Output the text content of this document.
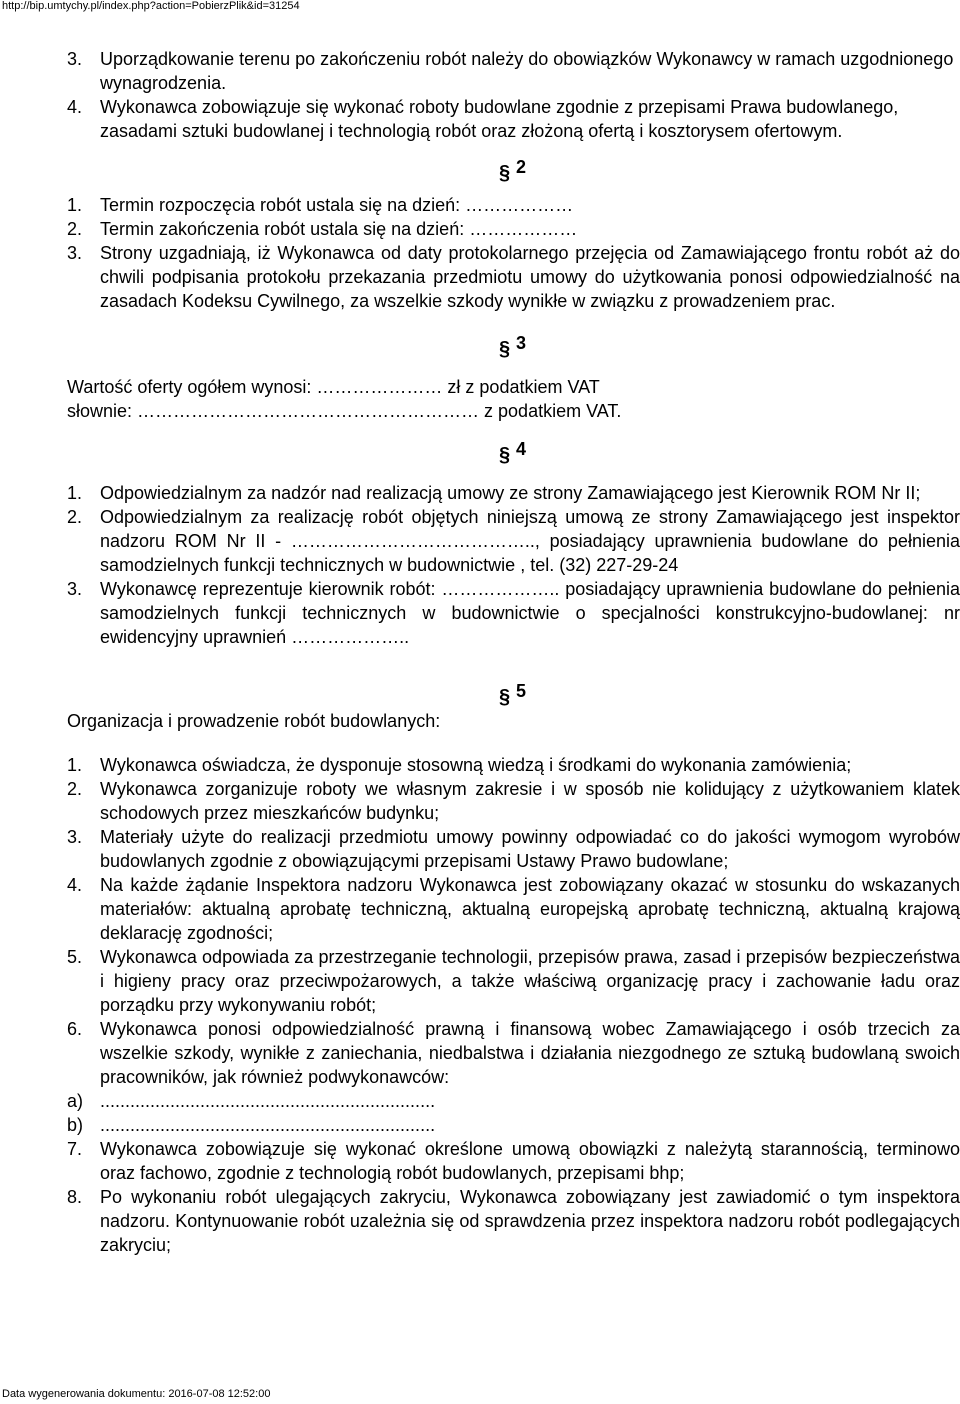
http://bip.umtychy.pl/index.php?action=PobierzPlik&id=31254
3. Uporządkowanie terenu po zakończeniu robót należy do obowiązków Wykonawcy w ramach uzgodnionego wynagrodzenia.
4. Wykonawca zobowiązuje się wykonać roboty budowlane zgodnie z przepisami Prawa budowlanego, zasadami sztuki budowlanej i technologią robót oraz złożoną ofertą i kosztorysem ofertowym.
§ 2
1. Termin rozpoczęcia robót ustala się na dzień: ………………
2. Termin zakończenia robót ustala się na dzień: ………………
3. Strony uzgadniają, iż Wykonawca od daty protokolarnego przejęcia od Zamawiającego frontu robót aż do chwili podpisania protokołu przekazania przedmiotu umowy do użytkowania ponosi odpowiedzialność na zasadach Kodeksu Cywilnego, za wszelkie szkody wynikłe w związku z prowadzeniem prac.
§ 3
Wartość oferty ogółem wynosi: ………………… zł z podatkiem VAT
słownie: ………………………………………………… z podatkiem VAT.
§ 4
1. Odpowiedzialnym za nadzór nad realizacją umowy ze strony Zamawiającego jest Kierownik ROM Nr II;
2. Odpowiedzialnym za realizację robót objętych niniejszą umową ze strony Zamawiającego jest inspektor nadzoru ROM Nr II - ………………………………….., posiadający uprawnienia budowlane do pełnienia samodzielnych funkcji technicznych w budownictwie , tel. (32) 227-29-24
3. Wykonawcę reprezentuje kierownik robót: ……………….. posiadający uprawnienia budowlane do pełnienia samodzielnych funkcji technicznych w budownictwie o specjalności konstrukcyjno-budowlanej: nr ewidencyjny uprawnień ………………..
§ 5
Organizacja i prowadzenie robót budowlanych:
1. Wykonawca oświadcza, że dysponuje stosowną wiedzą i środkami do wykonania zamówienia;
2. Wykonawca zorganizuje roboty we własnym zakresie i w sposób nie kolidujący z użytkowaniem klatek schodowych przez mieszkańców budynku;
3. Materiały użyte do realizacji przedmiotu umowy powinny odpowiadać co do jakości wymogom wyrobów budowlanych zgodnie z obowiązującymi przepisami Ustawy Prawo budowlane;
4. Na każde żądanie Inspektora nadzoru Wykonawca jest zobowiązany okazać w stosunku do wskazanych materiałów: aktualną aprobatę techniczną, aktualną europejską aprobatę techniczną, aktualną krajową deklarację zgodności;
5. Wykonawca odpowiada za przestrzeganie technologii, przepisów prawa, zasad i przepisów bezpieczeństwa i higieny pracy oraz przeciwpożarowych, a także właściwą organizację pracy i zachowanie ładu oraz porządku przy wykonywaniu robót;
6. Wykonawca ponosi odpowiedzialność prawną i finansową wobec Zamawiającego i osób trzecich za wszelkie szkody, wynikłe z zaniechania, niedbalstwa i działania niezgodnego ze sztuką budowlaną swoich pracowników, jak również podwykonawców:
a) ...................................................................
b) ...................................................................
7. Wykonawca zobowiązuje się wykonać określone umową obowiązki z należytą starannością, terminowo oraz fachowo, zgodnie z technologią robót budowlanych, przepisami bhp;
8. Po wykonaniu robót ulegających zakryciu, Wykonawca zobowiązany jest zawiadomić o tym inspektora nadzoru. Kontynuowanie robót uzależnia się od sprawdzenia przez inspektora nadzoru robót podlegających zakryciu;
Data wygenerowania dokumentu: 2016-07-08 12:52:00
